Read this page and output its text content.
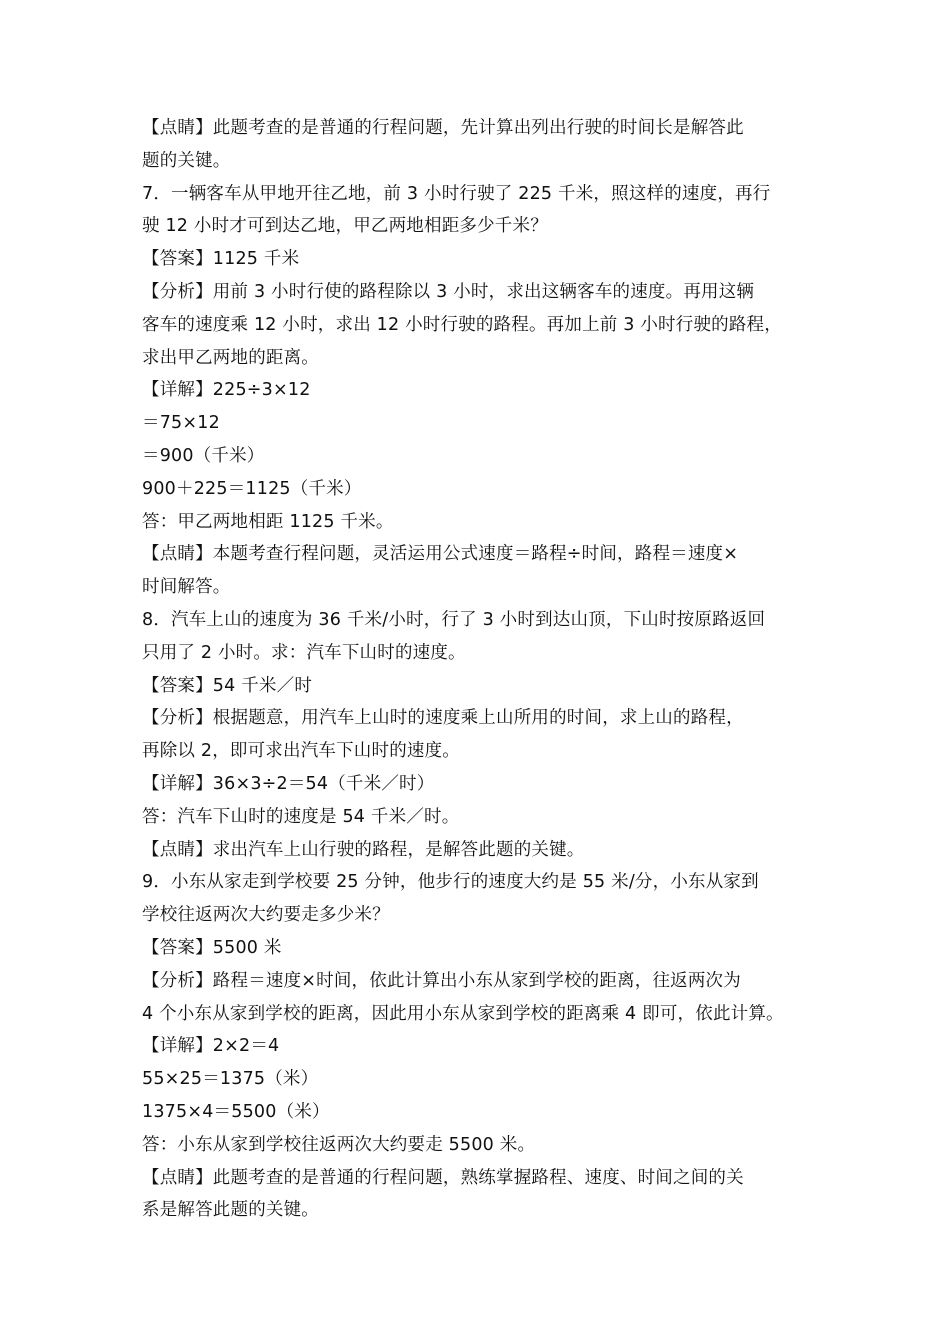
【点睛】此题考查的是普通的行程问题，先计算出列出行驶的时间长是解答此
题的关键。
7．一辆客车从甲地开往乙地，前 3 小时行驶了 225 千米，照这样的速度，再行
驶 12 小时才可到达乙地，甲乙两地相距多少千米？
【答案】1125 千米
【分析】用前 3 小时行使的路程除以 3 小时，求出这辆客车的速度。再用这辆
客车的速度乘 12 小时，求出 12 小时行驶的路程。再加上前 3 小时行驶的路程，
求出甲乙两地的距离。
【详解】225÷3×12
＝75×12
＝900（千米）
900＋225＝1125（千米）
答：甲乙两地相距 1125 千米。
【点睛】本题考查行程问题，灵活运用公式速度＝路程÷时间，路程＝速度×
时间解答。
8．汽车上山的速度为 36 千米/小时，行了 3 小时到达山顶，下山时按原路返回
只用了 2 小时。求：汽车下山时的速度。
【答案】54 千米／时
【分析】根据题意，用汽车上山时的速度乘上山所用的时间，求上山的路程，
再除以 2，即可求出汽车下山时的速度。
【详解】36×3÷2＝54（千米／时）
答：汽车下山时的速度是 54 千米／时。
【点睛】求出汽车上山行驶的路程，是解答此题的关键。
9．小东从家走到学校要 25 分钟，他步行的速度大约是 55 米/分，小东从家到
学校往返两次大约要走多少米？
【答案】5500 米
【分析】路程＝速度×时间，依此计算出小东从家到学校的距离，往返两次为
4 个小东从家到学校的距离，因此用小东从家到学校的距离乘 4 即可，依此计算。
【详解】2×2＝4
55×25＝1375（米）
1375×4＝5500（米）
答：小东从家到学校往返两次大约要走 5500 米。
【点睛】此题考查的是普通的行程问题，熟练掌握路程、速度、时间之间的关
系是解答此题的关键。
